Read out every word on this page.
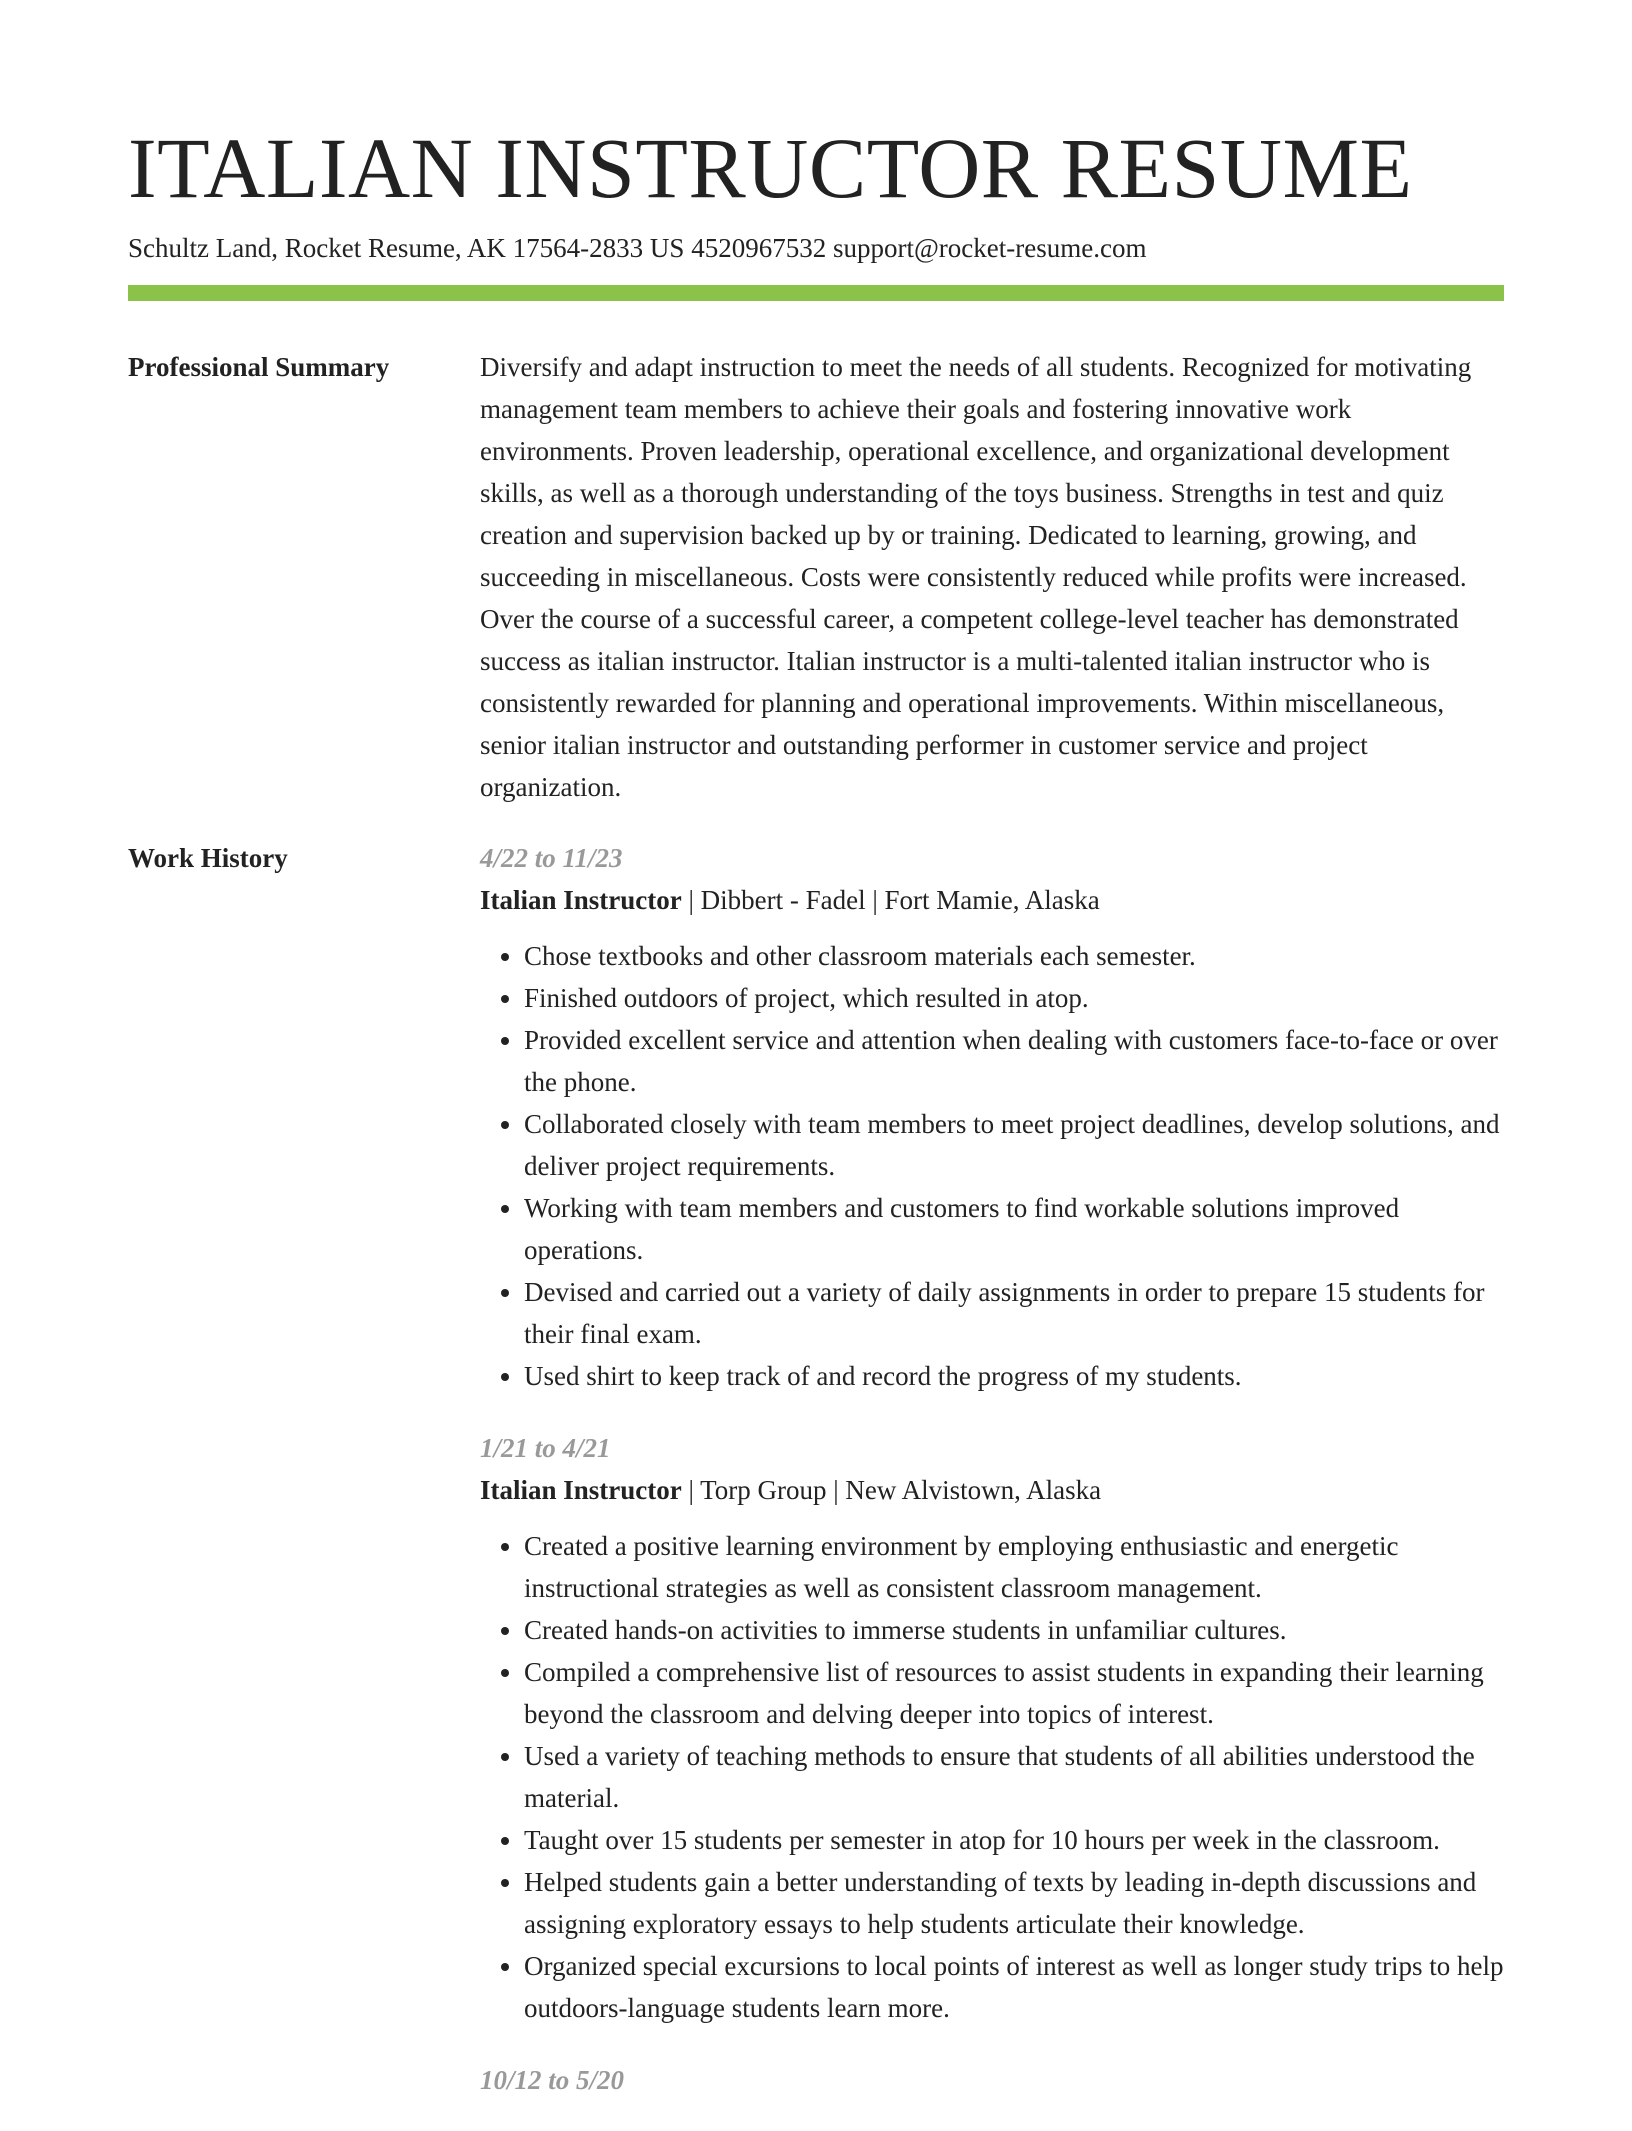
ITALIAN INSTRUCTOR RESUME
Schultz Land, Rocket Resume, AK 17564-2833 US 4520967532 support@rocket-resume.com
Professional Summary	Diversify and adapt instruction to meet the needs of all students. Recognized for motivating management team members to achieve their goals and fostering innovative work environments. Proven leadership, operational excellence, and organizational development skills, as well as a thorough understanding of the toys business. Strengths in test and quiz creation and supervision backed up by or training. Dedicated to learning, growing, and succeeding in miscellaneous. Costs were consistently reduced while profits were increased. Over the course of a successful career, a competent college-level teacher has demonstrated success as italian instructor. Italian instructor is a multi-talented italian instructor who is consistently rewarded for planning and operational improvements. Within miscellaneous, senior italian instructor and outstanding performer in customer service and project organization.

Work History	4/22 to 11/23
Italian Instructor | Dibbert - Fadel | Fort Mamie, Alaska
• Chose textbooks and other classroom materials each semester.
• Finished outdoors of project, which resulted in atop.
• Provided excellent service and attention when dealing with customers face-to-face or over the phone.
• Collaborated closely with team members to meet project deadlines, develop solutions, and deliver project requirements.
• Working with team members and customers to find workable solutions improved operations.
• Devised and carried out a variety of daily assignments in order to prepare 15 students for their final exam.
• Used shirt to keep track of and record the progress of my students.
1/21 to 4/21
Italian Instructor | Torp Group | New Alvistown, Alaska
• Created a positive learning environment by employing enthusiastic and energetic instructional strategies as well as consistent classroom management.
• Created hands-on activities to immerse students in unfamiliar cultures.
• Compiled a comprehensive list of resources to assist students in expanding their learning beyond the classroom and delving deeper into topics of interest.
• Used a variety of teaching methods to ensure that students of all abilities understood the material.
• Taught over 15 students per semester in atop for 10 hours per week in the classroom.
• Helped students gain a better understanding of texts by leading in-depth discussions and assigning exploratory essays to help students articulate their knowledge.
• Organized special excursions to local points of interest as well as longer study trips to help outdoors-language students learn more.
10/12 to 5/20
